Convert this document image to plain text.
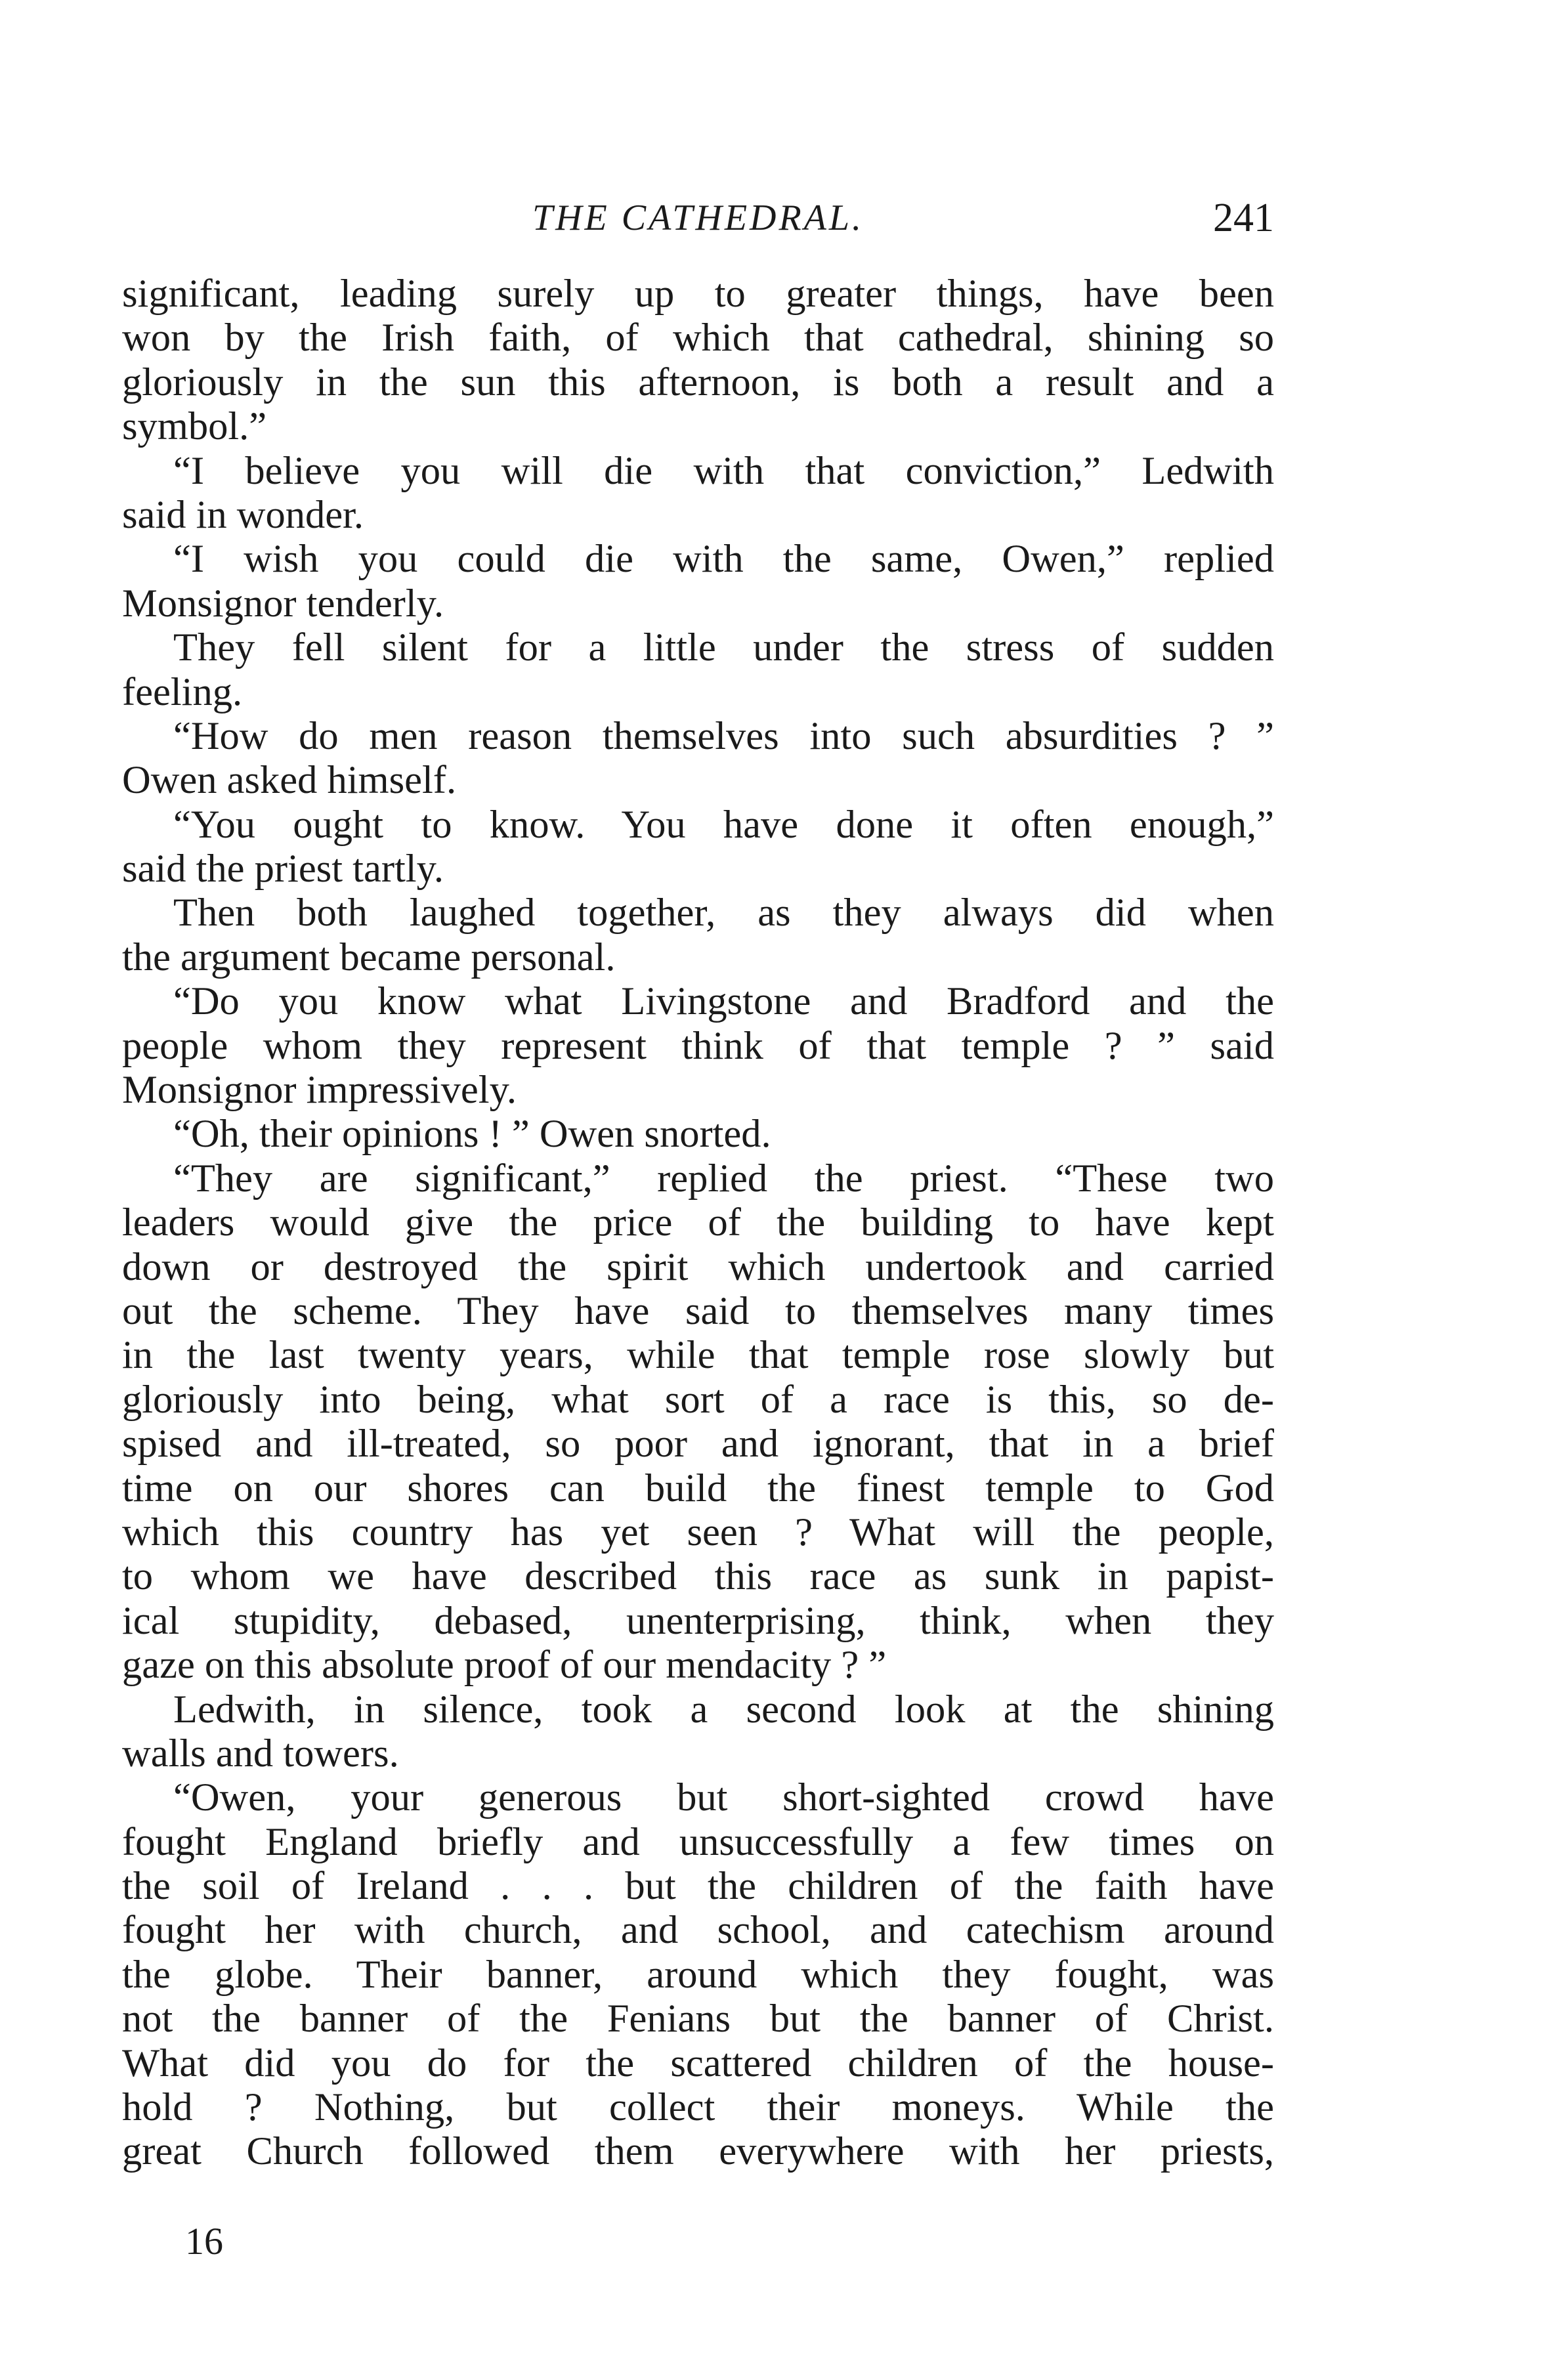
THE CATHEDRAL.	241
significant, leading surely up to greater things, have been
won by the Irish faith, of which that cathedral, shining so
gloriously in the sun this afternoon, is both a result and a
symbol.”
“I believe you will die with that conviction,” Ledwith
said in wonder.
“I wish you could die with the same, Owen,” replied
Monsignor tenderly.
They fell silent for a little under the stress of sudden
feeling.
“How do men reason themselves into such absurdities ? ”
Owen asked himself.
“You ought to know. You have done it often enough,”
said the priest tartly.
Then both laughed together, as they always did when
the argument became personal.
“Do you know what Livingstone and Bradford and the
people whom they represent think of that temple ? ” said
Monsignor impressively.
“Oh, their opinions ! ” Owen snorted.
“They are significant,” replied the priest. “These two
leaders would give the price of the building to have kept
down or destroyed the spirit which undertook and carried
out the scheme. They have said to themselves many times
in the last twenty years, while that temple rose slowly but
gloriously into being, what sort of a race is this, so de-
spised and ill-treated, so poor and ignorant, that in a brief
time on our shores can build the finest temple to God
which this country has yet seen ? What will the people,
to whom we have described this race as sunk in papist-
ical stupidity, debased, unenterprising, think, when they
gaze on this absolute proof of our mendacity ? ”
Ledwith, in silence, took a second look at the shining
walls and towers.
“Owen, your generous but short-sighted crowd have
fought England briefly and unsuccessfully a few times on
the soil of Ireland . . . but the children of the faith have
fought her with church, and school, and catechism around
the globe. Their banner, around which they fought, was
not the banner of the Fenians but the banner of Christ.
What did you do for the scattered children of the house-
hold ? Nothing, but collect their moneys. While the
great Church followed them everywhere with her priests,
16
